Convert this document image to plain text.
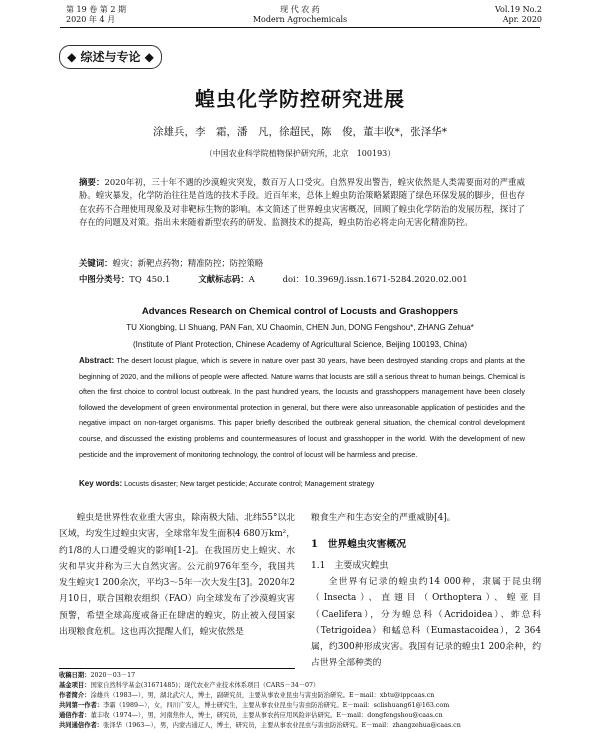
第 19 卷 第 2 期
2020 年 4 月
现 代 农 药
Modern Agrochemicals
Vol.19 No.2
Apr. 2020
◆ 综述与专论 ◆
蝗虫化学防控研究进展
涂雄兵，李　霜，潘　凡，徐超民，陈　俊，董丰收*，张泽华*
（中国农业科学院植物保护研究所，北京　100193）
摘要：2020年初，三十年不遇的沙漠蝗灾突发，数百万人口受灾。自然界发出警告，蝗灾依然是人类需要面对的严重威胁。蝗灾暴发，化学防治往往是首选的技术手段。近百年来，总体上蝗虫防治策略紧跟随了绿色环保发展的脚步，但也存在农药不合理使用现象及对非靶标生物的影响。本文简述了世界蝗虫灾害概况，回顾了蝗虫化学防治的发展历程，探讨了存在的问题及对策。指出未来随着新型农药的研发、监测技术的提高，蝗虫防治必将走向无害化精准防控。
关键词：蝗灾；新靶点药物；精准防控；防控策略
中图分类号：TQ 450.1	文献标志码：A	doi：10.3969/j.issn.1671-5284.2020.02.001
Advances Research on Chemical control of Locusts and Grashoppers
TU Xiongbing, LI Shuang, PAN Fan, XU Chaomin, CHEN Jun, DONG Fengshou*, ZHANG Zehua*
(Institute of Plant Protection, Chinese Academy of Agricultural Science, Beijing 100193, China)
Abstract: The desert locust plague, which is severe in nature over past 30 years, have been destroyed standing crops and plants at the beginning of 2020, and the millions of people were affected. Nature warns that locusts are still a serious threat to human beings. Chemical is often the first choice to control locust outbreak. In the past hundred years, the locusts and grasshoppers management have been closely followed the development of green environmental protection in general, but there were also unreasonable application of pesticides and the negative impact on non-target organisms. This paper briefly described the outbreak general situation, the chemical control development course, and discussed the existing problems and countermeasures of locust and grasshopper in the world. With the development of new pesticide and the improvement of monitoring technology, the control of locust will be harmless and precise.
Key words: Locusts disaster; New target pesticide; Accurate control; Management strategy
蝗虫是世界性农业重大害虫，除南极大陆、北纬55°以北区域，均发生过蝗虫灾害，全球常年发生面积4 680万km²，约1/8的人口遭受蝗灾的影响[1-2]。在我国历史上蝗灾、水灾和旱灾并称为三大自然灾害。公元前976年至今，我国共发生蝗灾1 200余次，平均3～5年一次大发生[3]。2020年2月10日，联合国粮农组织（FAO）向全球发布了沙漠蝗灾害预警，希望全球高度戒备正在肆虐的蝗灾，防止被入侵国家出现粮食危机。这也再次提醒人们，蝗灾依然是
粮食生产和生态安全的严重威胁[4]。
1　世界蝗虫灾害概况
1.1　主要成灾蝗虫
全世界有记录的蝗虫约14 000种，隶属于昆虫纲（Insecta）、直翅目（Orthoptera）、蝗亚目（Caelifera），分为蝗总科（Acridoidea）、蚱总科（Tetrigoidea）和蜢总科（Eumastacoidea），2 364属，约300种形成灾害。我国有记录的蝗虫1 200余种，约占世界全部种类的
收稿日期：2020－03－17
基金项目：国家自然科学基金(31671485)；现代农业产业技术体系项目（CARS－34－07）
作者简介：涂雄兵（1983—），男，湖北武穴人，博士，副研究员，主要从事农业昆虫与害虫防治研究。E－mail：xbtu@ippcaas.cn
共同第一作者：李霜（1989—），女，四川广安人，博士研究生，主要从事农业昆虫与害虫防治研究。E－mail：sclishuang61@163.com
通信作者：董丰收（1974—），男，河南焦作人，博士，研究员，主要从事农药应用风险评估研究。E－mail：dongfengshou@caas.cn
共同通信作者：张泽华（1963—），男，内蒙古通辽人，博士，研究员，主要从事农业昆虫与害虫防治研究。E－mail：zhangzehua@caas.cn
